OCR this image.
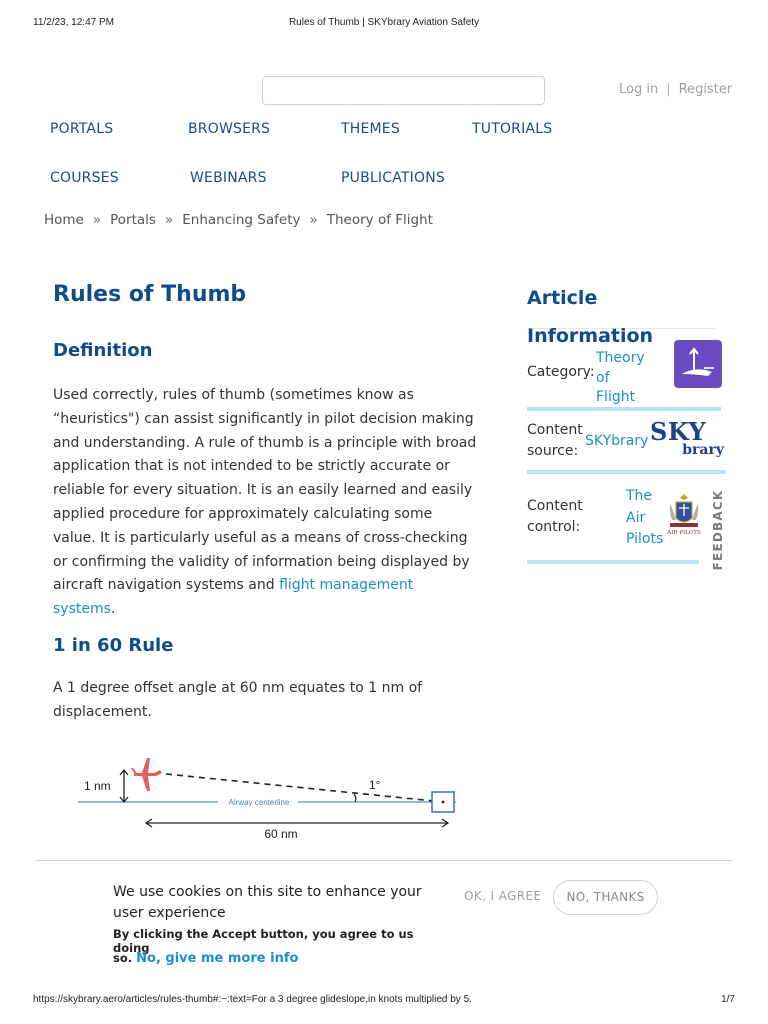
11/2/23, 12:47 PM	Rules of Thumb | SKYbrary Aviation Safety
Log in | Register
PORTALS	BROWSERS	THEMES	TUTORIALS
COURSES	WEBINARS	PUBLICATIONS
Home » Portals » Enhancing Safety » Theory of Flight
Rules of Thumb
Definition

Used correctly, rules of thumb (sometimes know as “heuristics") can assist significantly in pilot decision making and understanding. A rule of thumb is a principle with broad application that is not intended to be strictly accurate or reliable for every situation. It is an easily learned and easily applied procedure for approximately calculating some value. It is particularly useful as a means of cross-checking or confirming the validity of information being displayed by aircraft navigation systems and flight management systems.

1 in 60 Rule

A 1 degree offset angle at 60 nm equates to 1 nm of displacement.

Airway centerline
1 nm	1°
60 nm
Article
Information
Category:
Theory
of
Flight
Content
source:
SKYbrary SKY
brary
Content
control:
The
Air
Pilots AIR PILOTS FEEDBACK
We use cookies on this site to enhance your user experience
By clicking the Accept button, you agree to us doing
so. No, give me more info
OK, I AGREE	NO, THANKS
https://skybrary.aero/articles/rules-thumb#:~:text=For a 3 degree glideslope,in knots multiplied by 5.	1/7
